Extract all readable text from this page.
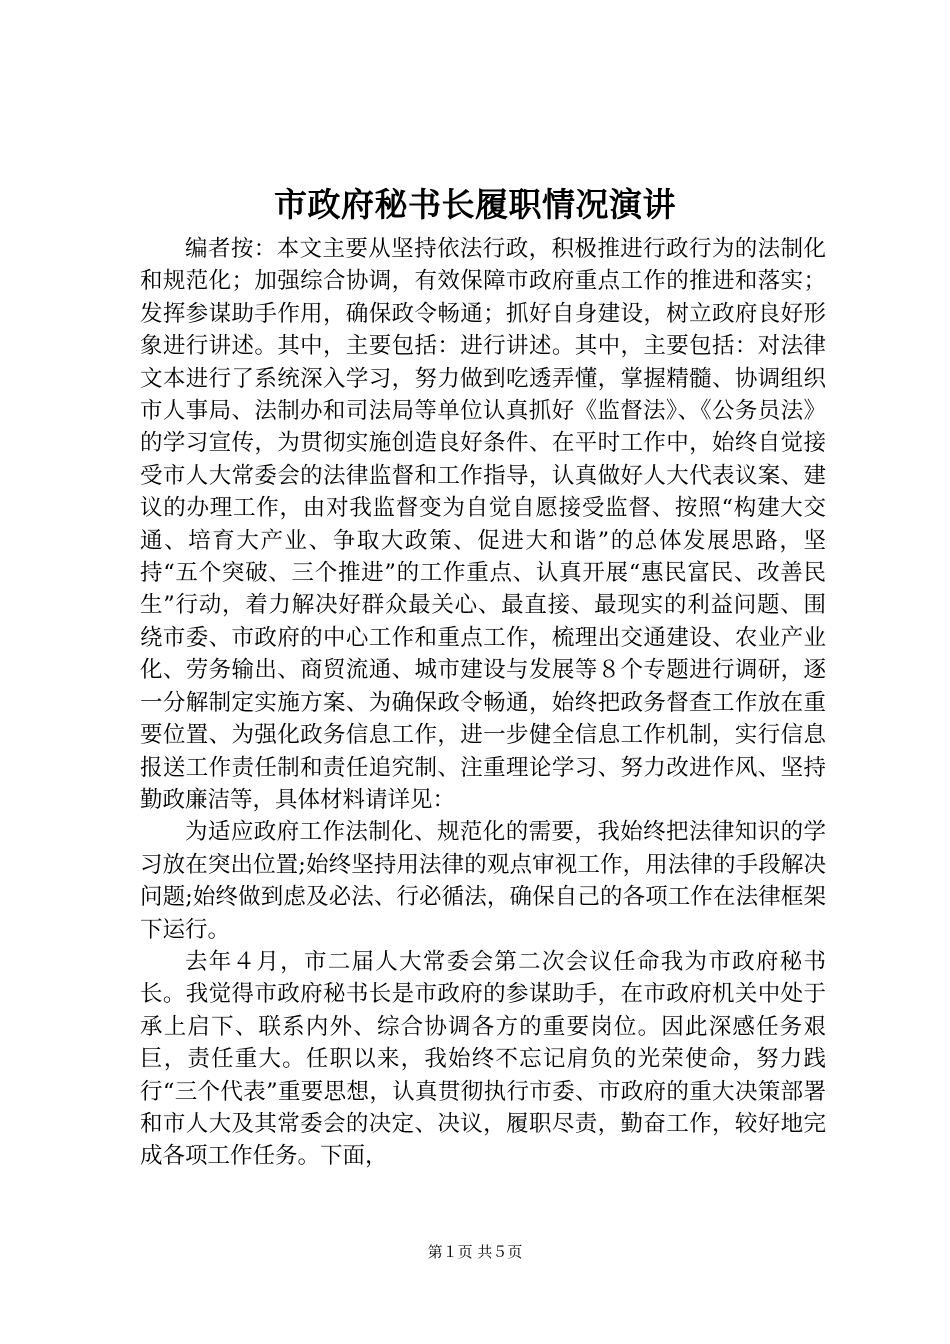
市政府秘书长履职情况演讲

编者按：本文主要从坚持依法行政，积极推进行政行为的法制化和规范化；加强综合协调，有效保障市政府重点工作的推进和落实；发挥参谋助手作用，确保政令畅通；抓好自身建设，树立政府良好形象进行讲述。其中，主要包括：进行讲述。其中，主要包括：对法律文本进行了系统深入学习，努力做到吃透弄懂，掌握精髓、协调组织市人事局、法制办和司法局等单位认真抓好《监督法》、《公务员法》的学习宣传，为贯彻实施创造良好条件、在平时工作中，始终自觉接受市人大常委会的法律监督和工作指导，认真做好人大代表议案、建议的办理工作，由对我监督变为自觉自愿接受监督、按照“构建大交通、培育大产业、争取大政策、促进大和谐”的总体发展思路，坚持“五个突破、三个推进”的工作重点、认真开展“惠民富民、改善民生”行动，着力解决好群众最关心、最直接、最现实的利益问题、围绕市委、市政府的中心工作和重点工作，梳理出交通建设、农业产业化、劳务输出、商贸流通、城市建设与发展等８个专题进行调研，逐一分解制定实施方案、为确保政令畅通，始终把政务督查工作放在重要位置、为强化政务信息工作，进一步健全信息工作机制，实行信息报送工作责任制和责任追究制、注重理论学习、努力改进作风、坚持勤政廉洁等，具体材料请详见：

为适应政府工作法制化、规范化的需要，我始终把法律知识的学习放在突出位置;始终坚持用法律的观点审视工作，用法律的手段解决问题;始终做到虑及必法、行必循法，确保自己的各项工作在法律框架下运行。

去年４月，市二届人大常委会第二次会议任命我为市政府秘书长。我觉得市政府秘书长是市政府的参谋助手，在市政府机关中处于承上启下、联系内外、综合协调各方的重要岗位。因此深感任务艰巨，责任重大。任职以来，我始终不忘记肩负的光荣使命，努力践行“三个代表”重要思想，认真贯彻执行市委、市政府的重大决策部署和市人大及其常委会的决定、决议，履职尽责，勤奋工作，较好地完成各项工作任务。下面，

第１页 共５页
